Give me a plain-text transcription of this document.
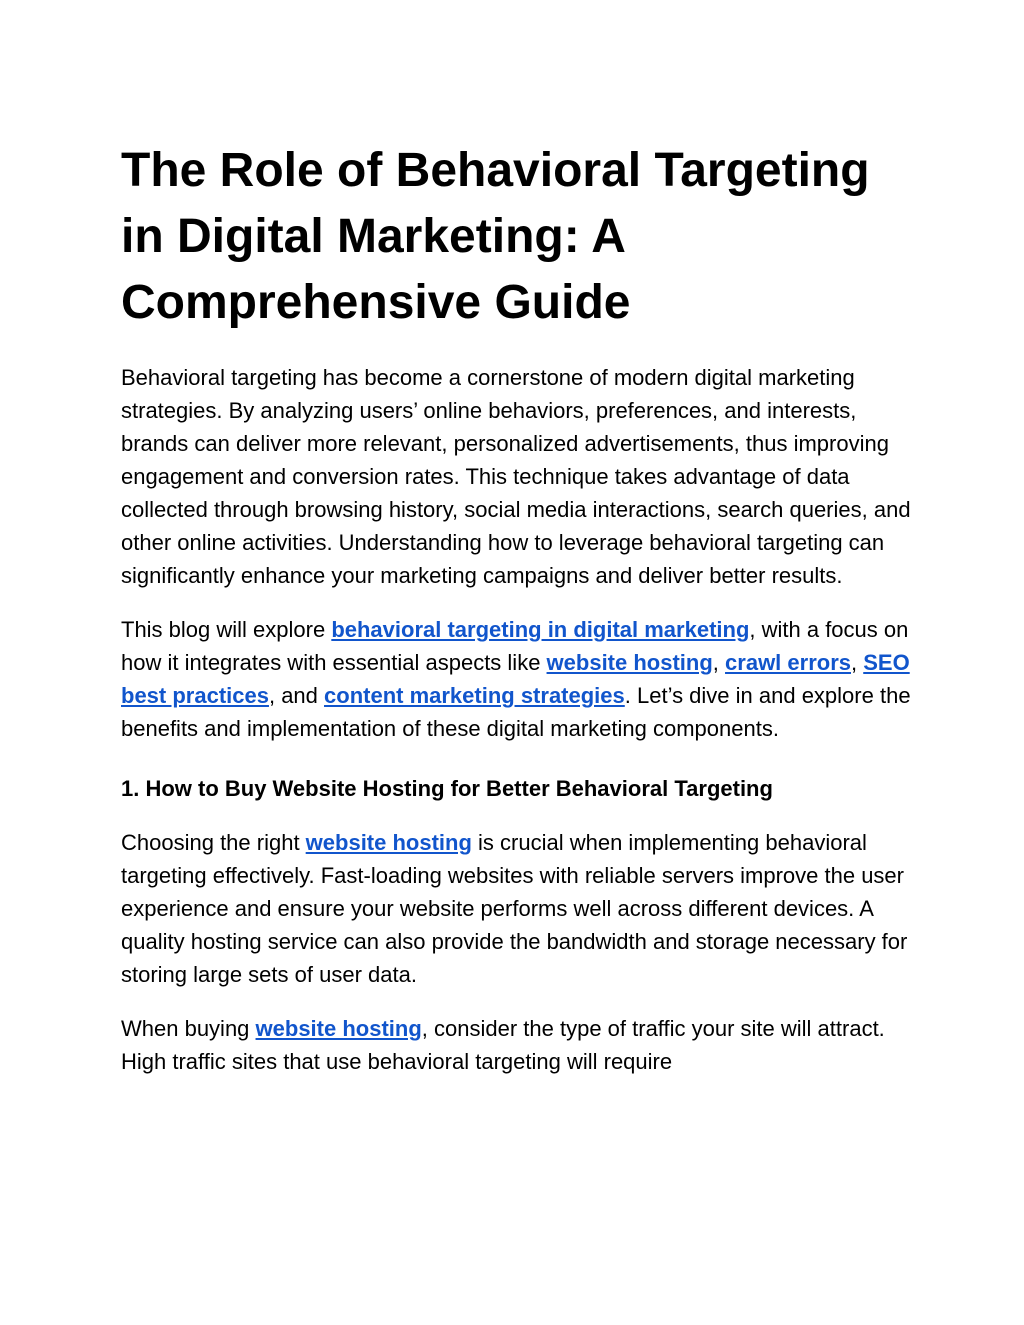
The Role of Behavioral Targeting in Digital Marketing: A Comprehensive Guide

Behavioral targeting has become a cornerstone of modern digital marketing strategies. By analyzing users’ online behaviors, preferences, and interests, brands can deliver more relevant, personalized advertisements, thus improving engagement and conversion rates. This technique takes advantage of data collected through browsing history, social media interactions, search queries, and other online activities. Understanding how to leverage behavioral targeting can significantly enhance your marketing campaigns and deliver better results.

This blog will explore behavioral targeting in digital marketing, with a focus on how it integrates with essential aspects like website hosting, crawl errors, SEO best practices, and content marketing strategies. Let’s dive in and explore the benefits and implementation of these digital marketing components.

1. How to Buy Website Hosting for Better Behavioral Targeting

Choosing the right website hosting is crucial when implementing behavioral targeting effectively. Fast-loading websites with reliable servers improve the user experience and ensure your website performs well across different devices. A quality hosting service can also provide the bandwidth and storage necessary for storing large sets of user data.

When buying website hosting, consider the type of traffic your site will attract. High traffic sites that use behavioral targeting will require
